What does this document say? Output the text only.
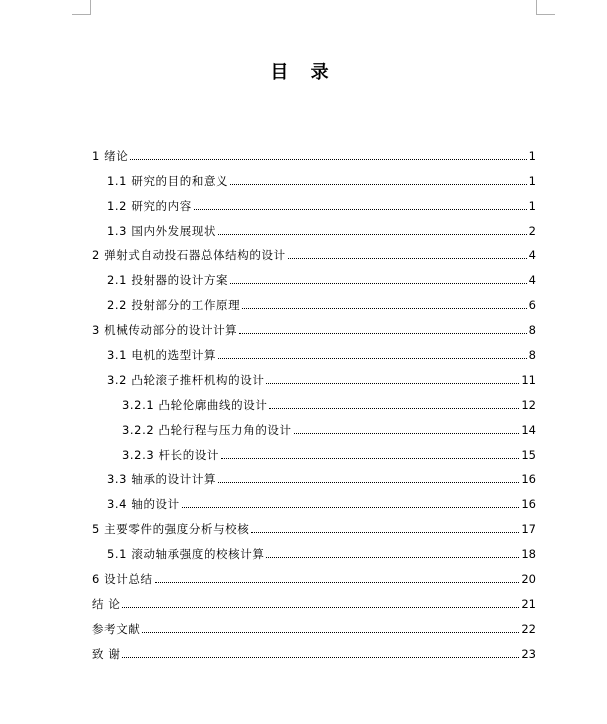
目 录
1 绪论	1
1.1 研究的目的和意义	1
1.2 研究的内容	1
1.3 国内外发展现状	2
2 弹射式自动投石器总体结构的设计	4
2.1 投射器的设计方案	4
2.2 投射部分的工作原理	6
3 机械传动部分的设计计算	8
3.1 电机的选型计算	8
3.2 凸轮滚子推杆机构的设计	11
3.2.1 凸轮伦廓曲线的设计	12
3.2.2 凸轮行程与压力角的设计	14
3.2.3 杆长的设计	15
3.3 轴承的设计计算	16
3.4 轴的设计	16
5 主要零件的强度分析与校核	17
5.1 滚动轴承强度的校核计算	18
6 设计总结	20
结 论	21
参考文献	22
致 谢	23
